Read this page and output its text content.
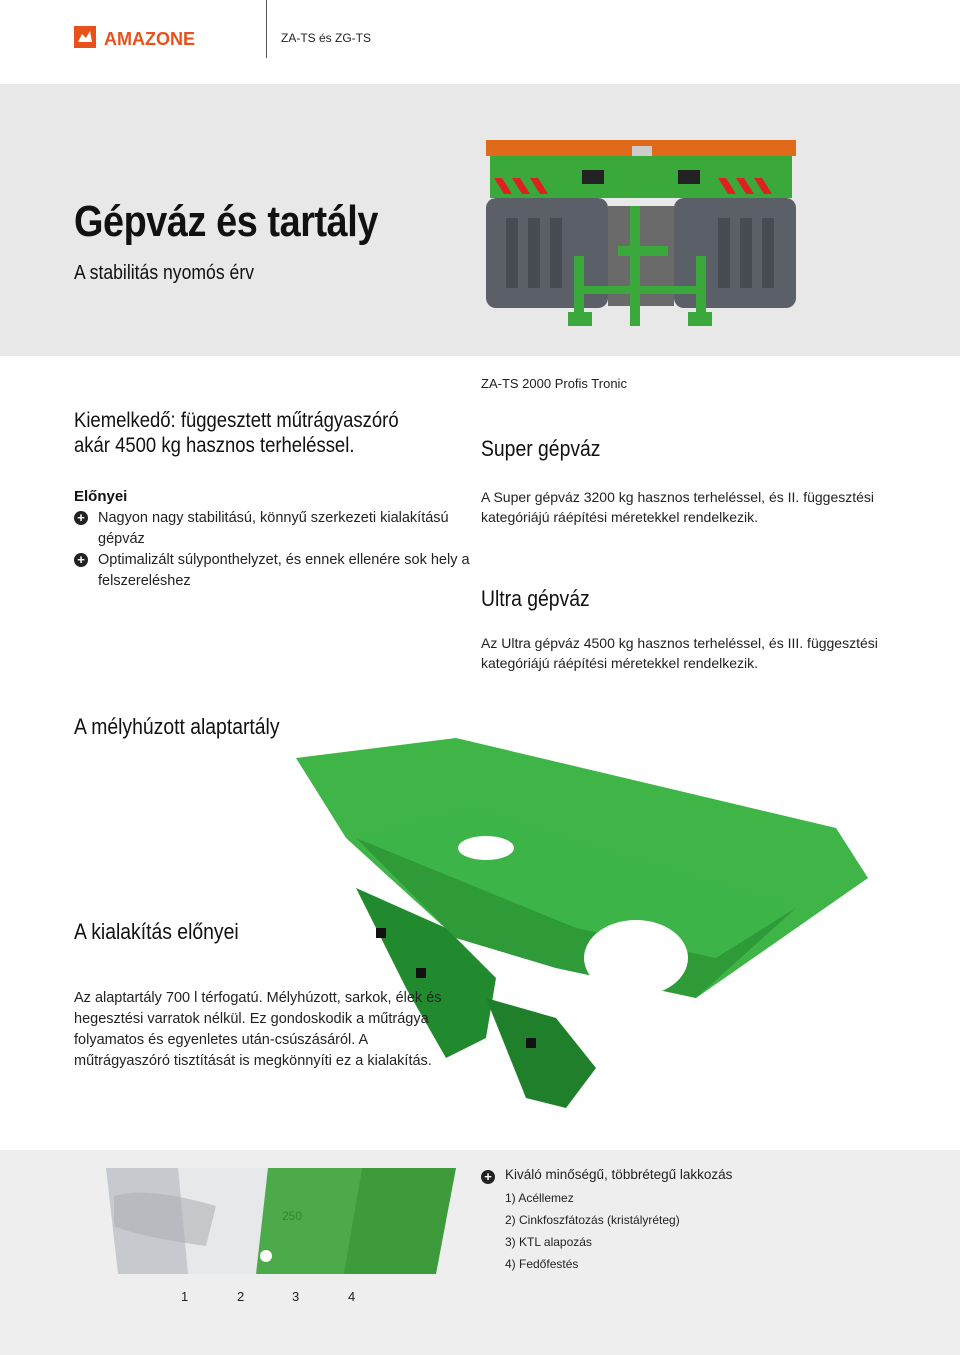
AMAZONE	ZA-TS és ZG-TS
Gépváz és tartály
A stabilitás nyomós érv
ZA-TS 2000 Profis Tronic
Kiemelkedő: függesztett műtrágyaszóró akár 4500 kg hasznos terheléssel.
Előnyei
+ Nagyon nagy stabilitású, könnyű szerkezeti kialakítású gépváz
+ Optimalizált súlyponthelyzet, és ennek ellenére sok hely a felszereléshez
Super gépváz
A Super gépváz 3200 kg hasznos terheléssel, és II. függesztési kategóriájú ráépítési méretekkel rendelkezik.
Ultra gépváz
Az Ultra gépváz 4500 kg hasznos terheléssel, és III. függesztési kategóriájú ráépítési méretekkel rendelkezik.
A mélyhúzott alaptartály
A kialakítás előnyei
Az alaptartály 700 l térfogatú. Mélyhúzott, sarkok, élek és hegesztési varratok nélkül. Ez gondoskodik a műtrágya folyamatos és egyenletes után-csúszásáról. A műtrágyaszóró tisztítását is megkönnyíti ez a kialakítás.
250
1	2	3	4
+ Kiváló minőségű, többrétegű lakkozás
1) Acéllemez
2) Cinkfoszfátozás (kristályréteg)
3) KTL alapozás
4) Fedőfestés
